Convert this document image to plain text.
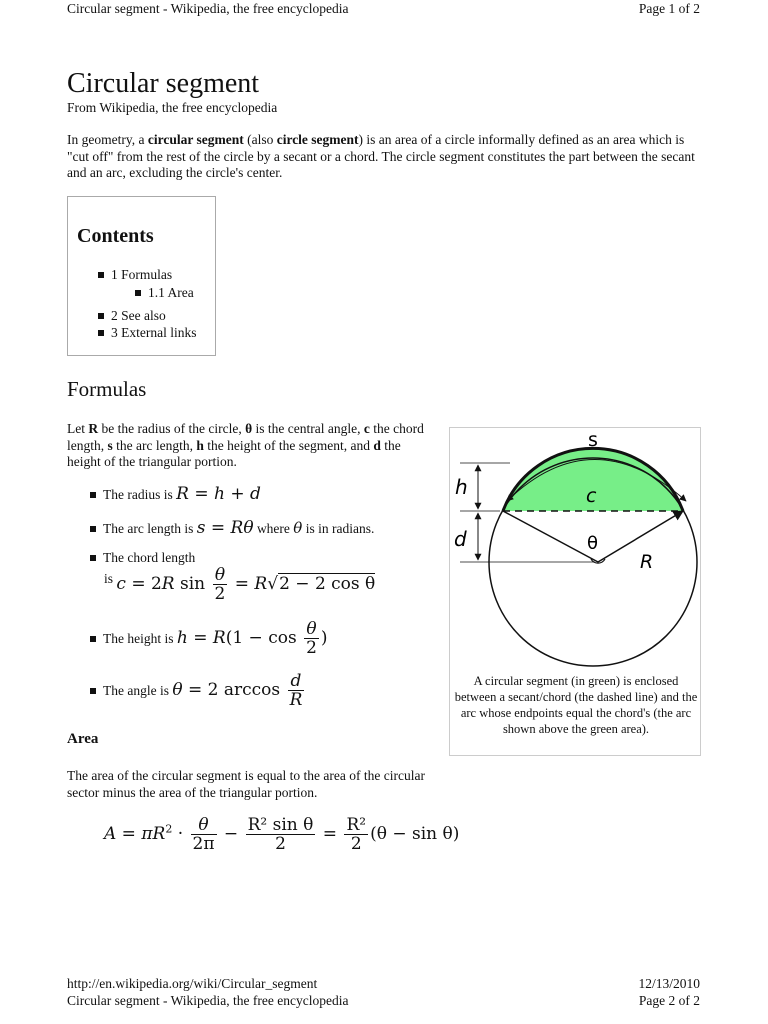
Circular segment - Wikipedia, the free encyclopedia	Page 1 of 2
Circular segment
From Wikipedia, the free encyclopedia
In geometry, a circular segment (also circle segment) is an area of a circle informally defined as an area which is "cut off" from the rest of the circle by a secant or a chord. The circle segment constitutes the part between the secant and an arc, excluding the circle's center.
Contents
1 Formulas
1.1 Area
2 See also
3 External links
Formulas
Let R be the radius of the circle, θ is the central angle, c the chord length, s the arc length, h the height of the segment, and d the height of the triangular portion.
The radius is R = h + d
The arc length is s = Rθ where θ is in radians.
The chord length
is c = 2R $\sin \frac{\theta}{2} = R√2 - 2$ cos θ
The height is $h = R(1 - \cos \frac{\theta}{2}$ )
The angle is θ = 2 $\arccos \frac{d}{R}$
Area
The area of the circular segment is equal to the area of the circular sector minus the area of the triangular portion.
$A = \pi R^2 \cdot \frac{\theta}{2\pi} - \frac{\text{R² sin θ}}{2} = \frac{\text{R²}}{2} (\theta - \sin \theta)$
s
h	c
d	θ
R
A circular segment (in green) is enclosed between a secant/chord (the dashed line) and the arc whose endpoints equal the chord's (the arc shown above the green area).
http://en.wikipedia.org/wiki/Circular_segment	12/13/2010
Circular segment - Wikipedia, the free encyclopedia	Page 2 of 2
